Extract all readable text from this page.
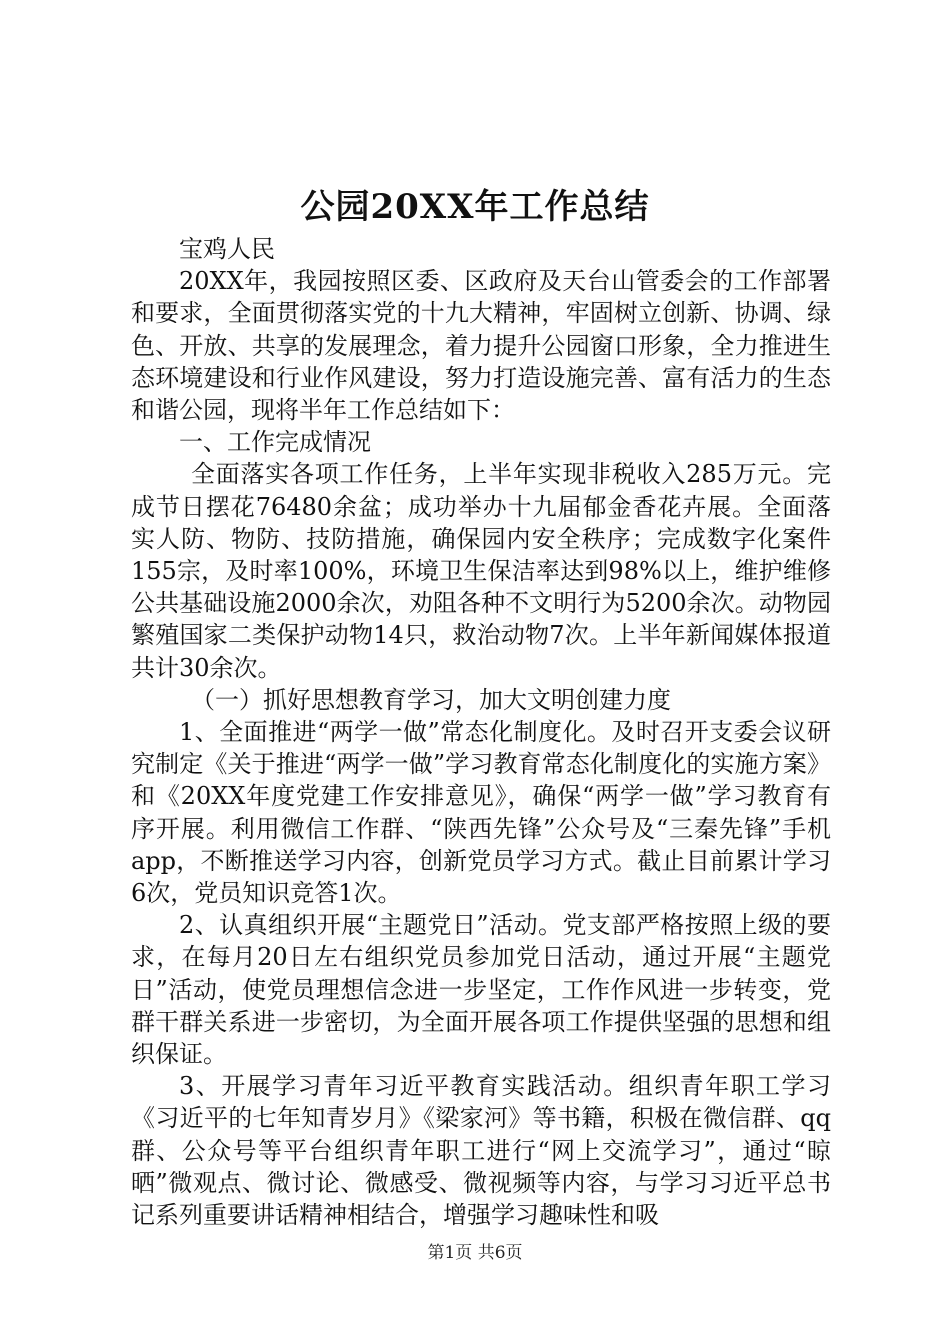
公园20XX年工作总结

宝鸡人民

20XX年，我园按照区委、区政府及天台山管委会的工作部署和要求，全面贯彻落实党的十九大精神，牢固树立创新、协调、绿色、开放、共享的发展理念，着力提升公园窗口形象，全力推进生态环境建设和行业作风建设，努力打造设施完善、富有活力的生态和谐公园，现将半年工作总结如下：

一、工作完成情况

全面落实各项工作任务，上半年实现非税收入285万元。完成节日摆花76480余盆；成功举办十九届郁金香花卉展。全面落实人防、物防、技防措施，确保园内安全秩序；完成数字化案件155宗，及时率100%，环境卫生保洁率达到98%以上，维护维修公共基础设施2000余次，劝阻各种不文明行为5200余次。动物园繁殖国家二类保护动物14只，救治动物7次。上半年新闻媒体报道共计30余次。

（一）抓好思想教育学习，加大文明创建力度

1、全面推进“两学一做”常态化制度化。及时召开支委会议研究制定《关于推进“两学一做”学习教育常态化制度化的实施方案》和《20XX年度党建工作安排意见》，确保“两学一做”学习教育有序开展。利用微信工作群、“陕西先锋”公众号及“三秦先锋”手机app，不断推送学习内容，创新党员学习方式。截止目前累计学习6次，党员知识竞答1次。

2、认真组织开展“主题党日”活动。党支部严格按照上级的要求，在每月20日左右组织党员参加党日活动，通过开展“主题党日”活动，使党员理想信念进一步坚定，工作作风进一步转变，党群干群关系进一步密切，为全面开展各项工作提供坚强的思想和组织保证。

3、开展学习青年习近平教育实践活动。组织青年职工学习《习近平的七年知青岁月》《梁家河》等书籍，积极在微信群、qq群、公众号等平台组织青年职工进行“网上交流学习”，通过“晾晒”微观点、微讨论、微感受、微视频等内容，与学习习近平总书记系列重要讲话精神相结合，增强学习趣味性和吸

第1页 共6页
